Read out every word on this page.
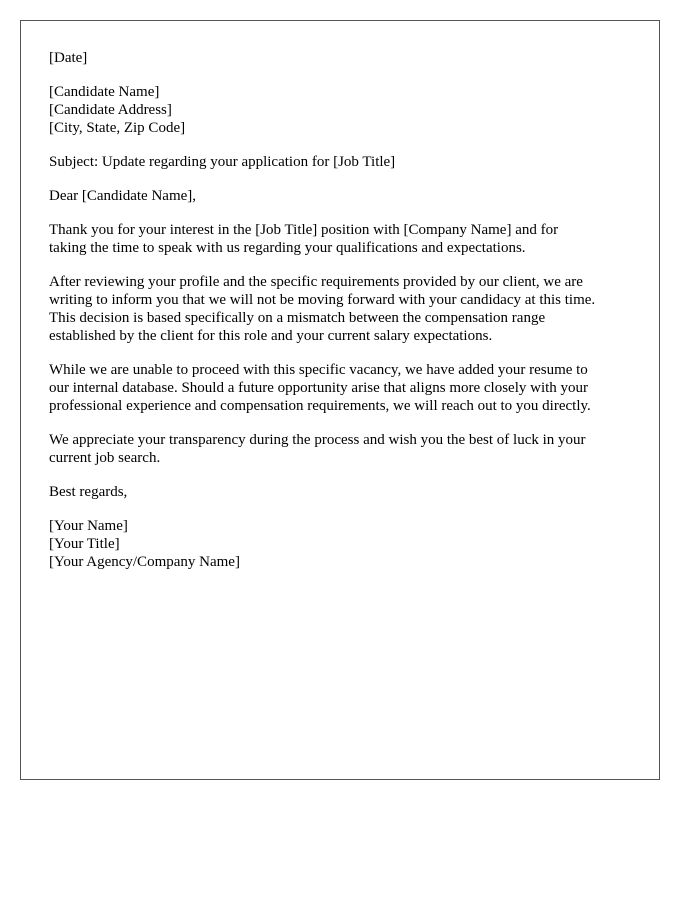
[Date]
[Candidate Name]
[Candidate Address]
[City, State, Zip Code]
Subject: Update regarding your application for [Job Title]
Dear [Candidate Name],

Thank you for your interest in the [Job Title] position with [Company Name] and for
taking the time to speak with us regarding your qualifications and expectations.

After reviewing your profile and the specific requirements provided by our client, we are
writing to inform you that we will not be moving forward with your candidacy at this time.
This decision is based specifically on a mismatch between the compensation range
established by the client for this role and your current salary expectations.

While we are unable to proceed with this specific vacancy, we have added your resume to
our internal database. Should a future opportunity arise that aligns more closely with your
professional experience and compensation requirements, we will reach out to you directly.

We appreciate your transparency during the process and wish you the best of luck in your
current job search.

Best regards,
[Your Name]
[Your Title]
[Your Agency/Company Name]
